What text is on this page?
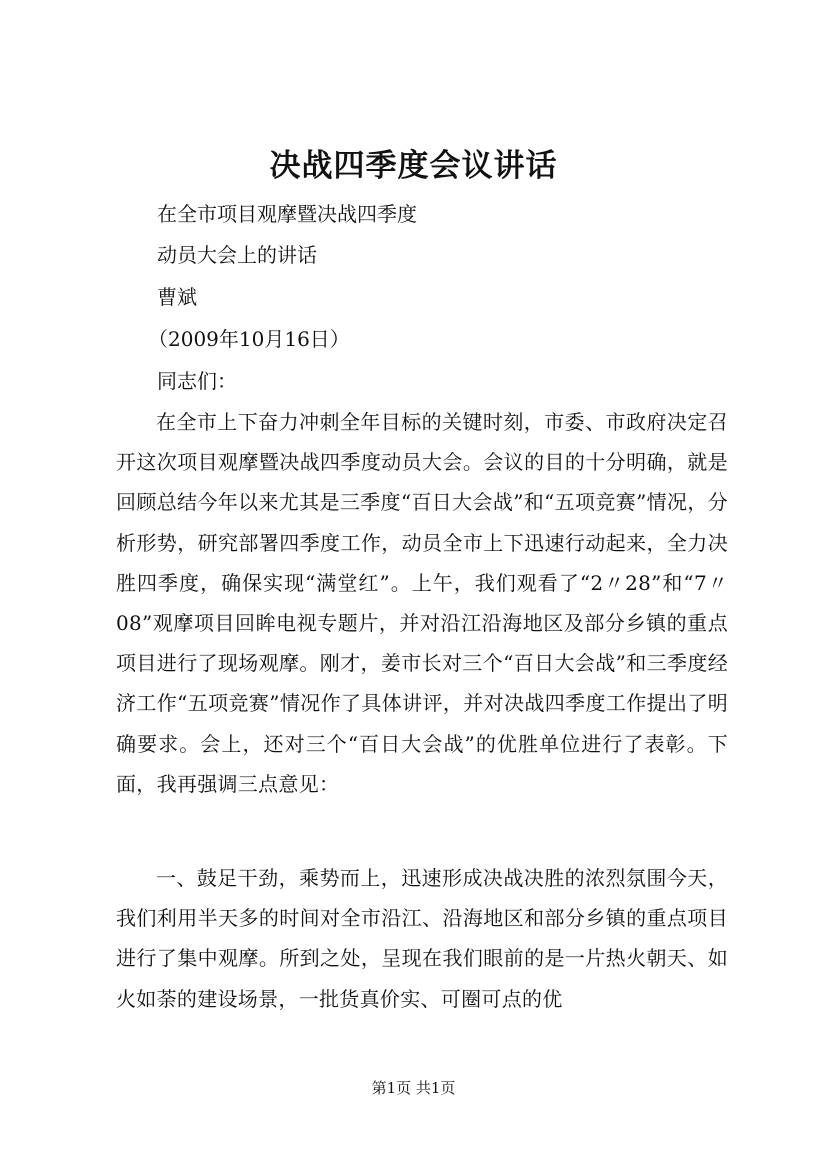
决战四季度会议讲话
在全市项目观摩暨决战四季度
动员大会上的讲话
曹斌
（2009年10月16日）
同志们：

在全市上下奋力冲刺全年目标的关键时刻，市委、市政府决定召开这次项目观摩暨决战四季度动员大会。会议的目的十分明确，就是回顾总结今年以来尤其是三季度“百日大会战”和“五项竞赛”情况，分析形势，研究部署四季度工作，动员全市上下迅速行动起来，全力决胜四季度，确保实现“满堂红”。上午，我们观看了“2〃28”和“7〃08”观摩项目回眸电视专题片，并对沿江沿海地区及部分乡镇的重点项目进行了现场观摩。刚才，姜市长对三个“百日大会战”和三季度经济工作“五项竞赛”情况作了具体讲评，并对决战四季度工作提出了明确要求。会上，还对三个“百日大会战”的优胜单位进行了表彰。下面，我再强调三点意见：

一、鼓足干劲，乘势而上，迅速形成决战决胜的浓烈氛围今天，我们利用半天多的时间对全市沿江、沿海地区和部分乡镇的重点项目进行了集中观摩。所到之处，呈现在我们眼前的是一片热火朝天、如火如荼的建设场景，一批货真价实、可圈可点的优

第1页 共1页
